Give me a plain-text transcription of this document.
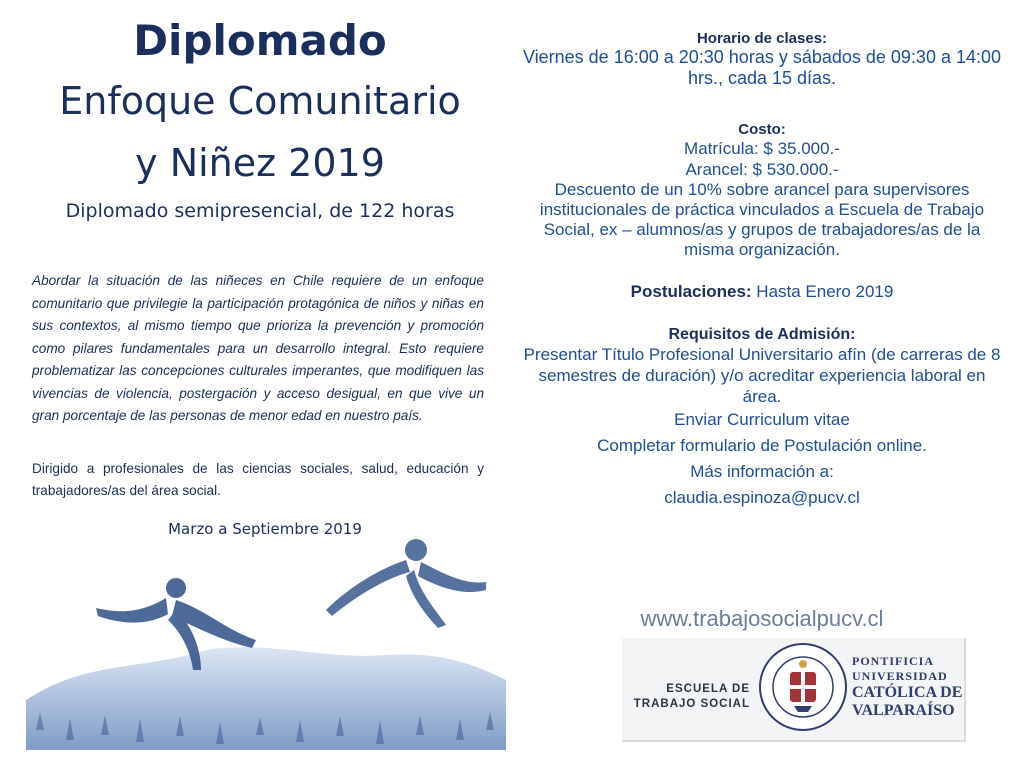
Diplomado
Enfoque Comunitario
y Niñez 2019
Diplomado semipresencial, de 122 horas
Abordar la situación de las niñeces en Chile requiere de un enfoque comunitario que privilegie la participación protagónica de niños y niñas en sus contextos, al mismo tiempo que prioriza la prevención y promoción como pilares fundamentales para un desarrollo integral. Esto requiere problematizar las concepciones culturales imperantes, que modifiquen las vivencias de violencia, postergación y acceso desigual, en que vive un gran porcentaje de las personas de menor edad en nuestro país.
Dirigido a profesionales de las ciencias sociales, salud, educación y trabajadores/as del área social.
Marzo a Septiembre 2019

Horario de clases:

Viernes de 16:00 a 20:30 horas y sábados de 09:30 a 14:00 hrs., cada 15 días.

Costo:

Matrícula: $ 35.000.-

Arancel: $ 530.000.-

Descuento de un 10% sobre arancel para supervisores institucionales de práctica vinculados a Escuela de Trabajo Social, ex – alumnos/as y grupos de trabajadores/as de la misma organización.

Postulaciones: Hasta Enero 2019

Requisitos de Admisión:

Presentar Título Profesional Universitario afín (de carreras de 8 semestres de duración) y/o acreditar experiencia laboral en área.

Enviar Curriculum vitae

Completar formulario de Postulación online.

Más información a:

claudia.espinoza@pucv.cl

www.trabajosocialpucv.cl
ESCUELA DE
TRABAJO SOCIAL
PONTIFICIA
UNIVERSIDAD
CATÓLICA DE
VALPARAÍSO
